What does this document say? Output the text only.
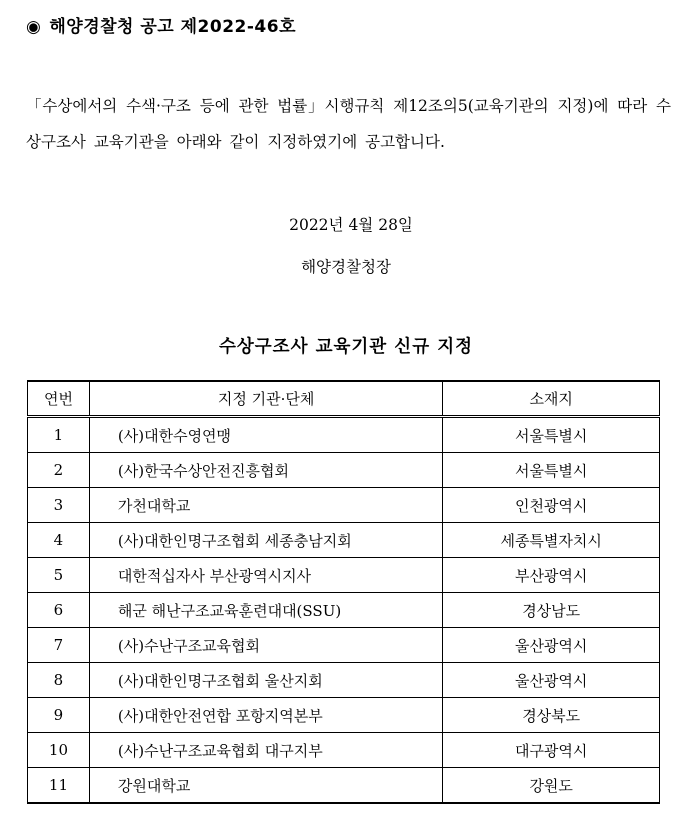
◉ 해양경찰청 공고 제2022-46호
「수상에서의 수색·구조 등에 관한 법률」시행규칙 제12조의5(교육기관의 지정)에 따라 수상구조사 교육기관을 아래와 같이 지정하였기에 공고합니다.
2022년 4월 28일
해양경찰청장
수상구조사 교육기관 신규 지정
연번	지정 기관·단체	소재지
1	(사)대한수영연맹	서울특별시
2	(사)한국수상안전진흥협회	서울특별시
3	가천대학교	인천광역시
4	(사)대한인명구조협회 세종충남지회	세종특별자치시
5	대한적십자사 부산광역시지사	부산광역시
6	해군 해난구조교육훈련대대(SSU)	경상남도
7	(사)수난구조교육협회	울산광역시
8	(사)대한인명구조협회 울산지회	울산광역시
9	(사)대한안전연합 포항지역본부	경상북도
10	(사)수난구조교육협회 대구지부	대구광역시
11	강원대학교	강원도
